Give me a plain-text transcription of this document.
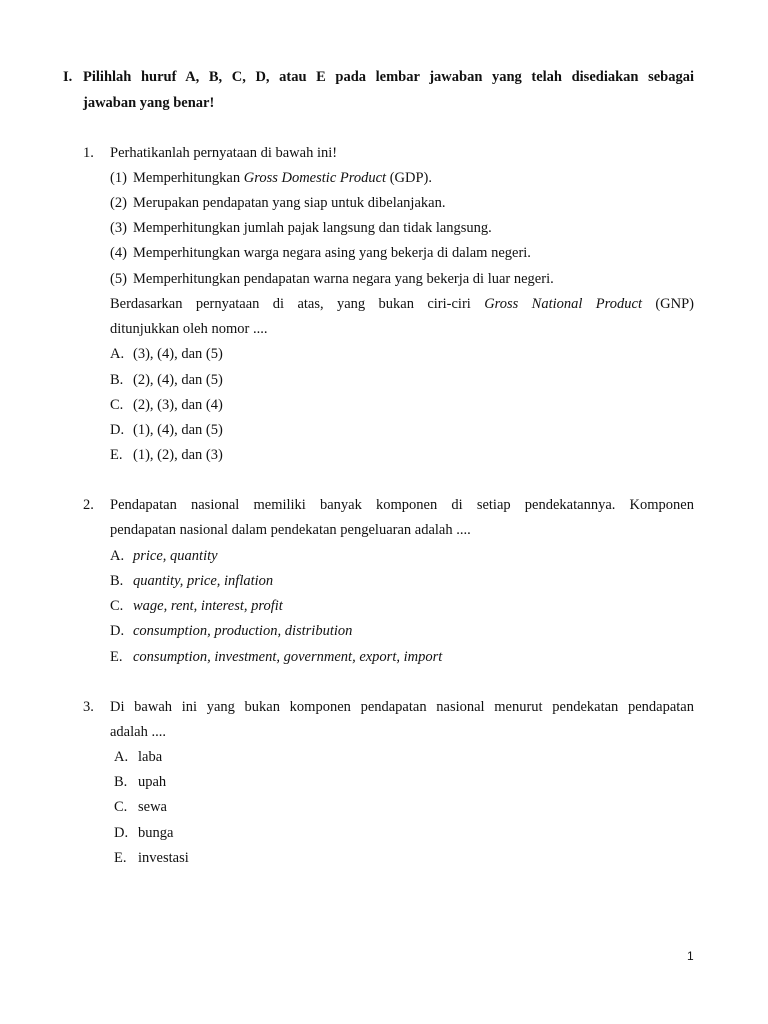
I. Pilihlah huruf A, B, C, D, atau E pada lembar jawaban yang telah disediakan sebagai
jawaban yang benar!
1. Perhatikanlah pernyataan di bawah ini!
(1) Memperhitungkan Gross Domestic Product (GDP).
(2) Merupakan pendapatan yang siap untuk dibelanjakan.
(3) Memperhitungkan jumlah pajak langsung dan tidak langsung.
(4) Memperhitungkan warga negara asing yang bekerja di dalam negeri.
(5) Memperhitungkan pendapatan warna negara yang bekerja di luar negeri.
Berdasarkan pernyataan di atas, yang bukan ciri-ciri Gross National Product (GNP)
ditunjukkan oleh nomor ....
A. (3), (4), dan (5)
B. (2), (4), dan (5)
C. (2), (3), dan (4)
D. (1), (4), dan (5)
E. (1), (2), dan (3)
2. Pendapatan nasional memiliki banyak komponen di setiap pendekatannya. Komponen
pendapatan nasional dalam pendekatan pengeluaran adalah ....
A. price, quantity
B. quantity, price, inflation
C. wage, rent, interest, profit
D. consumption, production, distribution
E. consumption, investment, government, export, import
3. Di bawah ini yang bukan komponen pendapatan nasional menurut pendekatan pendapatan
adalah ....
A. laba
B. upah
C. sewa
D. bunga
E. investasi
1
